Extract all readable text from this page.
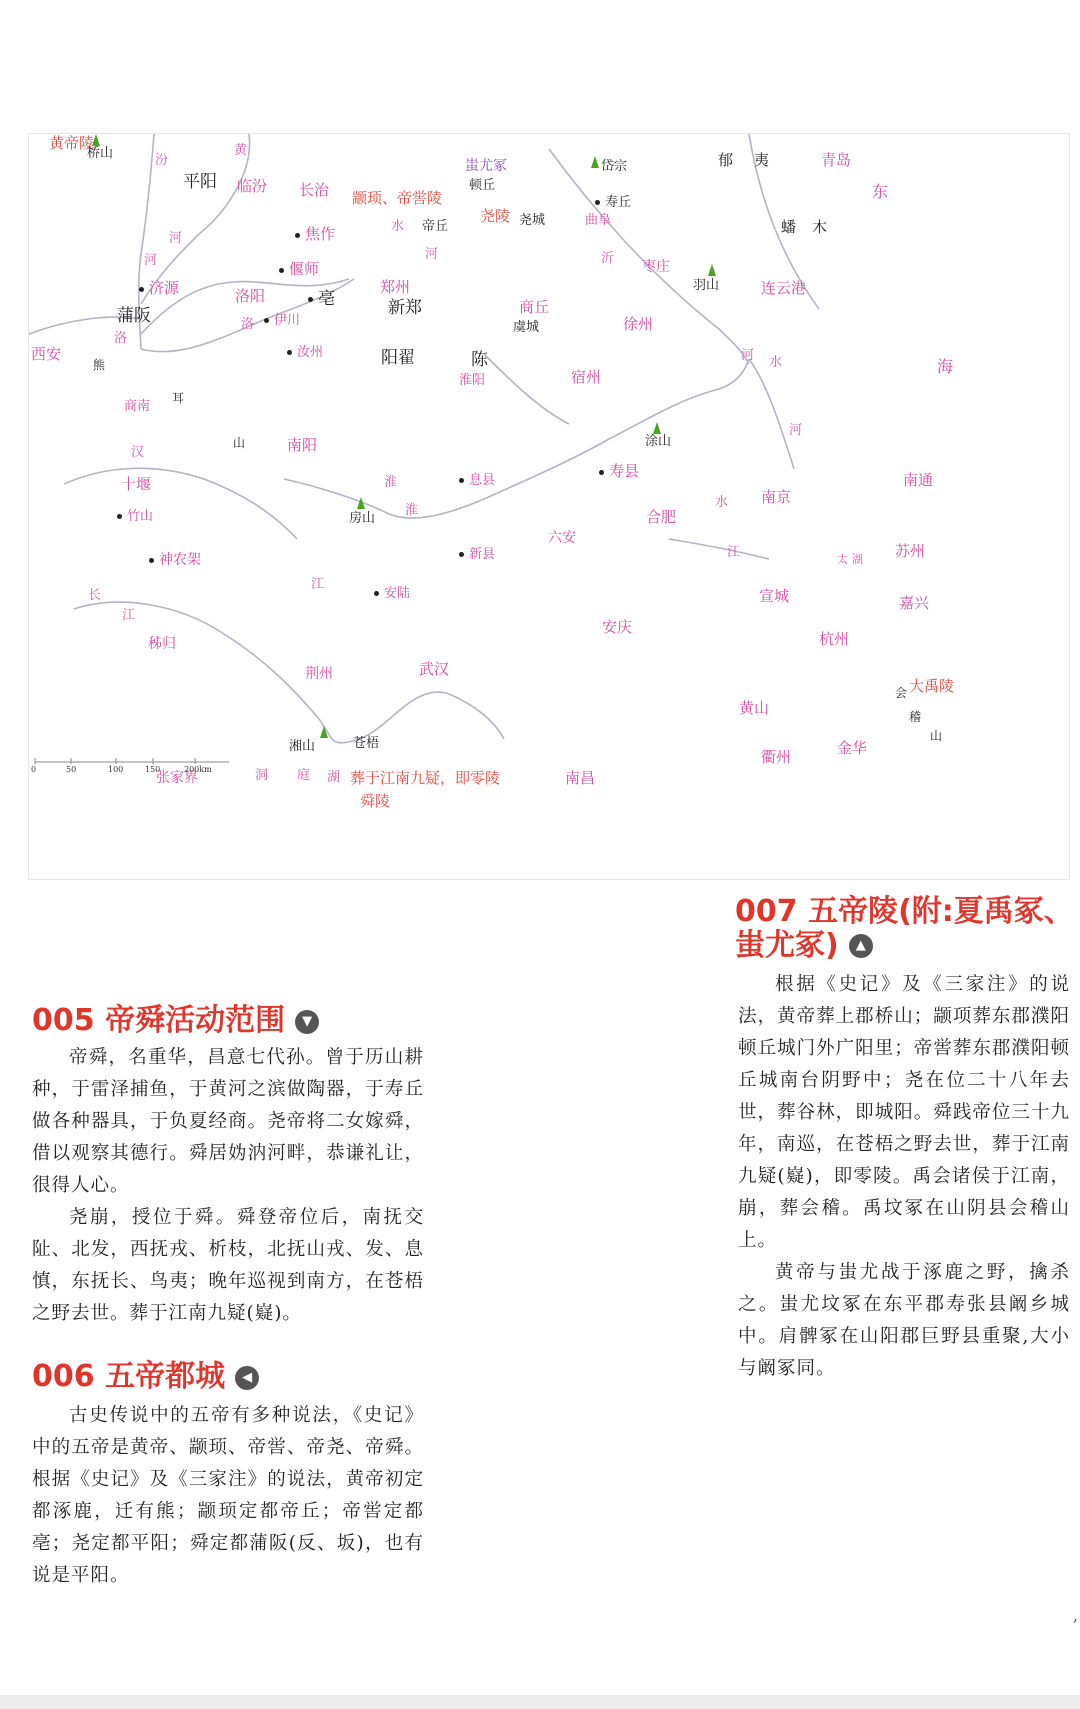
黄帝陵
颛顼、帝喾陵
蚩尤冢
尧陵
大禹陵
舜陵
葬于江南九疑，即零陵
桥山
岱宗
羽山
涂山
房山
湘山
平阳	顿丘
寿丘
郁 夷
蟠 木
帝丘	尧城
蒲阪
亳	新郑
阳翟	陈
虞城
熊
耳
山
苍梧
会
稽
山
临汾 长治
焦作
偃师
济源	洛阳
伊川
汝州
郑州
商丘
淮阳
曲阜
枣庄
徐州
宿州
连云港
青岛
西安
商南
南阳
十堰
竹山
神农架
秭归
荆州	武汉
安陆
新县
息县
寿县
六安
合肥
安庆
宣城
南京
南通
苏州
嘉兴
杭州
黄山
衢州	金华
南昌
张家界
汾
黄
河
河
水
河	沂
洛
洛
汉
淮
淮
水
江
长
江
江
河 水
河
洞 庭 湖
太 湖
东
海
0	50	100	150	200km
007 五帝陵(附:夏禹冢、
蚩尤冢) ▲

根据《史记》及《三家注》的说法，黄帝葬上郡桥山；颛项葬东郡濮阳顿丘城门外广阳里；帝喾葬东郡濮阳顿丘城南台阴野中；尧在位二十八年去世，葬谷林，即城阳。舜践帝位三十九年，南巡，在苍梧之野去世，葬于江南九疑(嶷)，即零陵。禹会诸侯于江南，崩，葬会稽。禹坟冢在山阴县会稽山上。

黄帝与蚩尤战于涿鹿之野，擒杀之。蚩尤坟冢在东平郡寿张县阚乡城中。肩髀冢在山阳郡巨野县重聚,大小与阚冢同。

005 帝舜活动范围 ▼

帝舜，名重华，昌意七代孙。曾于历山耕种，于雷泽捕鱼，于黄河之滨做陶器，于寿丘做各种器具，于负夏经商。尧帝将二女嫁舜，借以观察其德行。舜居妫汭河畔，恭谦礼让，很得人心。

尧崩，授位于舜。舜登帝位后，南抚交阯、北发，西抚戎、析枝，北抚山戎、发、息慎，东抚长、鸟夷；晚年巡视到南方，在苍梧之野去世。葬于江南九疑(嶷)。

006 五帝都城 ◀

古史传说中的五帝有多种说法，《史记》中的五帝是黄帝、颛顼、帝喾、帝尧、帝舜。根据《史记》及《三家注》的说法，黄帝初定都涿鹿，迁有熊；颛顼定都帝丘；帝喾定都亳；尧定都平阳；舜定都蒲阪(反、坂)，也有说是平阳。

,
